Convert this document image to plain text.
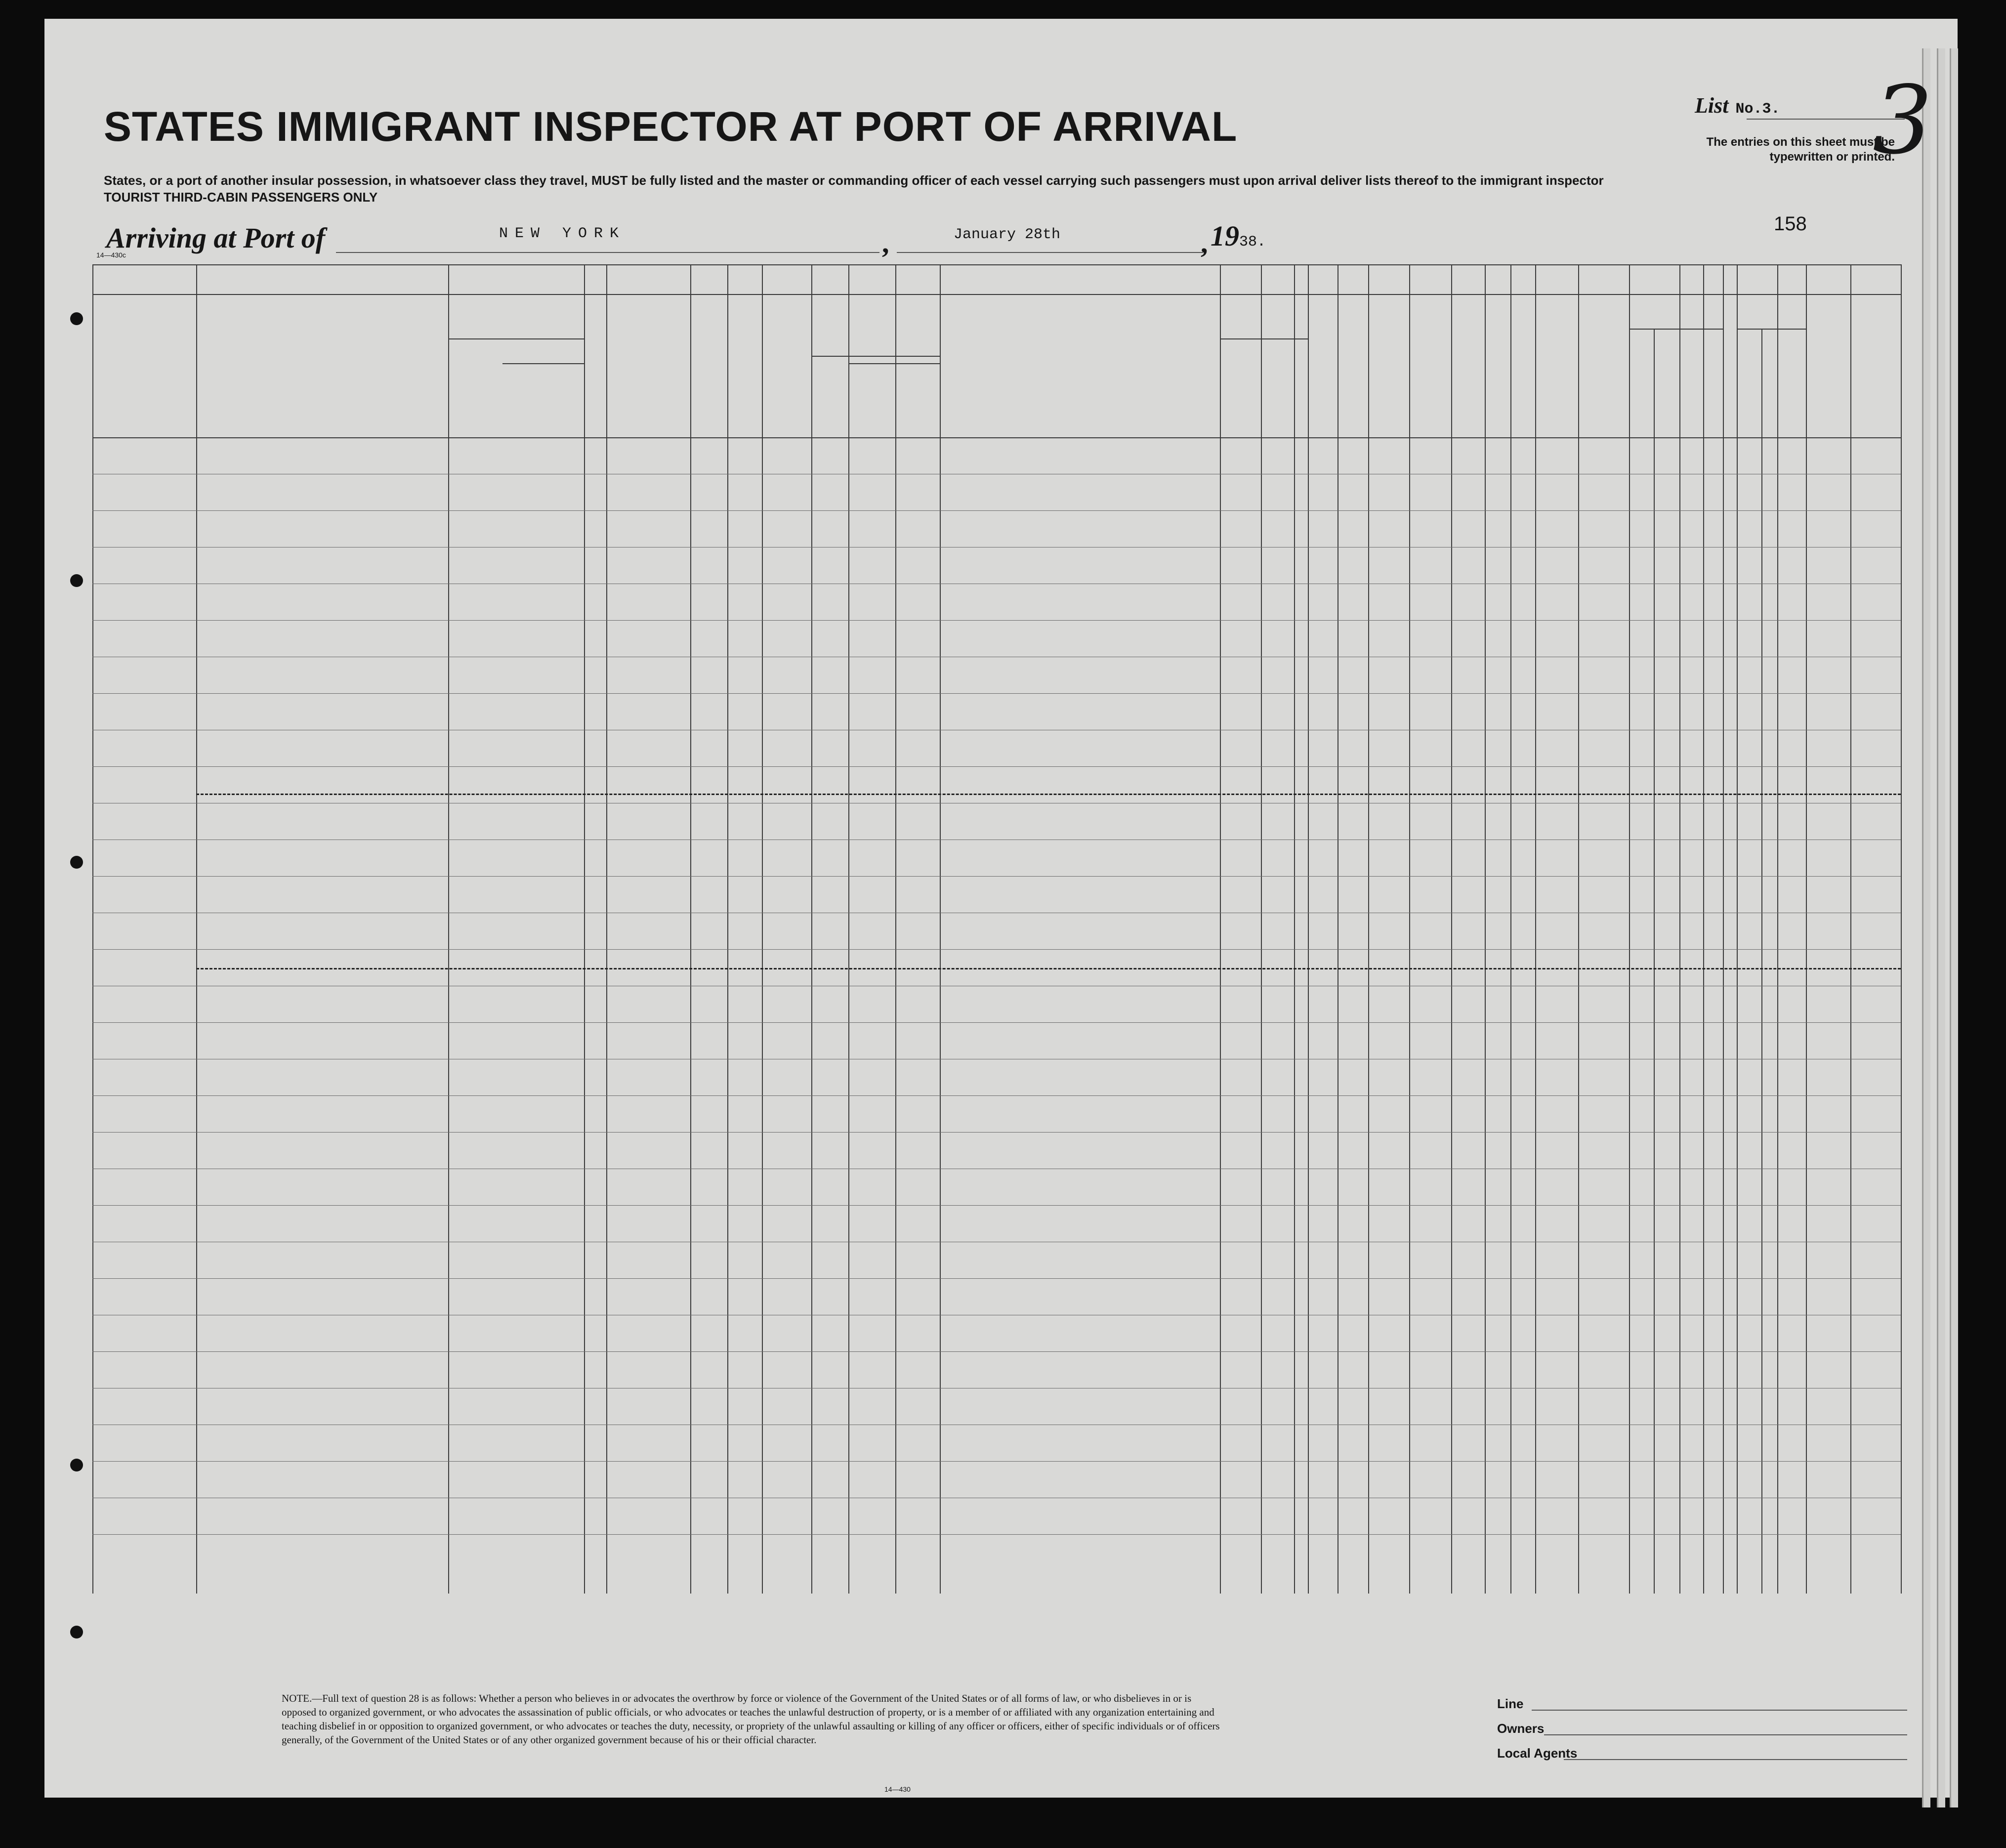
STATES IMMIGRANT INSPECTOR AT PORT OF ARRIVAL
States, or a port of another insular possession, in whatsoever class they travel, MUST be fully listed and the master or commanding officer of each vessel carrying such passengers must upon arrival deliver lists thereof to the immigrant inspector
TOURIST THIRD-CABIN PASSENGERS ONLY
List No.3. 3
The entries on this sheet must be typewritten or printed.
158
Arriving at Port of	NEW YORK	,	January 28th	, 1938.
14—430c
NOTE.—Full text of question 28 is as follows: Whether a person who believes in or advocates the overthrow by force or violence of the Government of the United States or of all forms of law, or who disbelieves in or is opposed to organized government, or who advocates the assassination of public officials, or who advocates or teaches the unlawful destruction of property, or is a member of or affiliated with any organization entertaining and teaching disbelief in or opposition to organized government, or who advocates or teaches the duty, necessity, or propriety of the unlawful assaulting or killing of any officer or officers, either of specific individuals or of officers generally, of the Government of the United States or of any other organized government because of his or their official character.
14—430
Line
Owners
Local Agents
